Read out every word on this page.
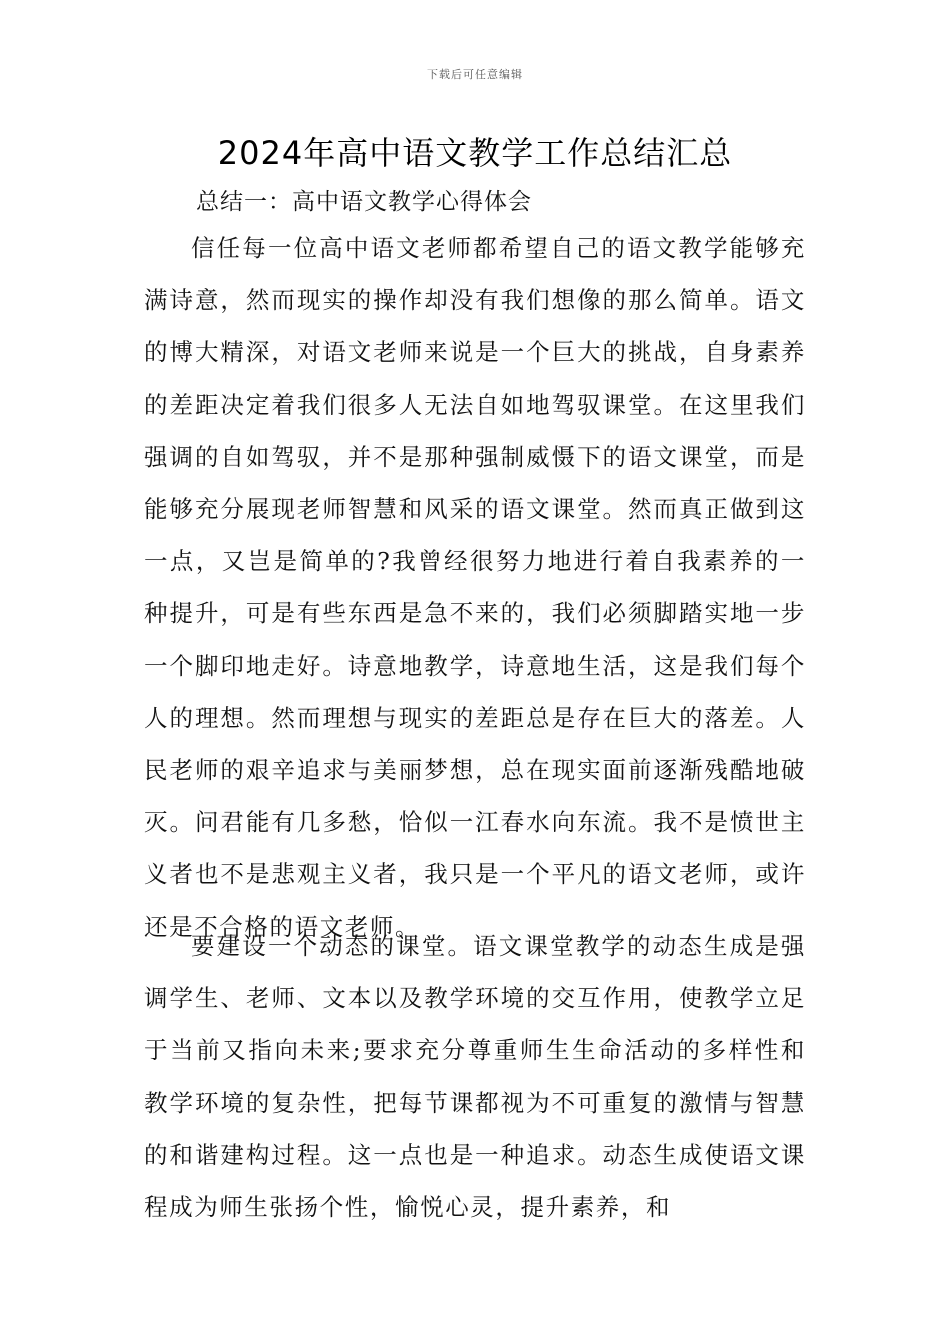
下载后可任意编辑
2024年高中语文教学工作总结汇总
总结一：高中语文教学心得体会

信任每一位高中语文老师都希望自己的语文教学能够充满诗意，然而现实的操作却没有我们想像的那么简单。语文的博大精深，对语文老师来说是一个巨大的挑战，自身素养的差距决定着我们很多人无法自如地驾驭课堂。在这里我们强调的自如驾驭，并不是那种强制威慑下的语文课堂，而是能够充分展现老师智慧和风采的语文课堂。然而真正做到这一点，又岂是简单的?我曾经很努力地进行着自我素养的一种提升，可是有些东西是急不来的，我们必须脚踏实地一步一个脚印地走好。诗意地教学，诗意地生活，这是我们每个人的理想。然而理想与现实的差距总是存在巨大的落差。人民老师的艰辛追求与美丽梦想，总在现实面前逐渐残酷地破灭。问君能有几多愁，恰似一江春水向东流。我不是愤世主义者也不是悲观主义者，我只是一个平凡的语文老师，或许还是不合格的语文老师。

要建设一个动态的课堂。语文课堂教学的动态生成是强调学生、老师、文本以及教学环境的交互作用，使教学立足于当前又指向未来;要求充分尊重师生生命活动的多样性和教学环境的复杂性，把每节课都视为不可重复的激情与智慧的和谐建构过程。这一点也是一种追求。动态生成使语文课程成为师生张扬个性，愉悦心灵，提升素养，和
